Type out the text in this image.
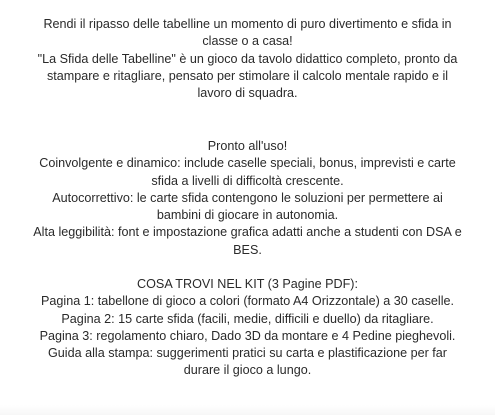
Rendi il ripasso delle tabelline un momento di puro divertimento e sfida in
classe o a casa!
"La Sfida delle Tabelline" è un gioco da tavolo didattico completo, pronto da
stampare e ritagliare, pensato per stimolare il calcolo mentale rapido e il
lavoro di squadra.
Pronto all'uso!
Coinvolgente e dinamico: include caselle speciali, bonus, imprevisti e carte
sfida a livelli di difficoltà crescente.
Autocorrettivo: le carte sfida contengono le soluzioni per permettere ai
bambini di giocare in autonomia.
Alta leggibilità: font e impostazione grafica adatti anche a studenti con DSA e
BES.
COSA TROVI NEL KIT (3 Pagine PDF):
Pagina 1: tabellone di gioco a colori (formato A4 Orizzontale) a 30 caselle.
Pagina 2: 15 carte sfida (facili, medie, difficili e duello) da ritagliare.
Pagina 3: regolamento chiaro, Dado 3D da montare e 4 Pedine pieghevoli.
Guida alla stampa: suggerimenti pratici su carta e plastificazione per far
durare il gioco a lungo.
